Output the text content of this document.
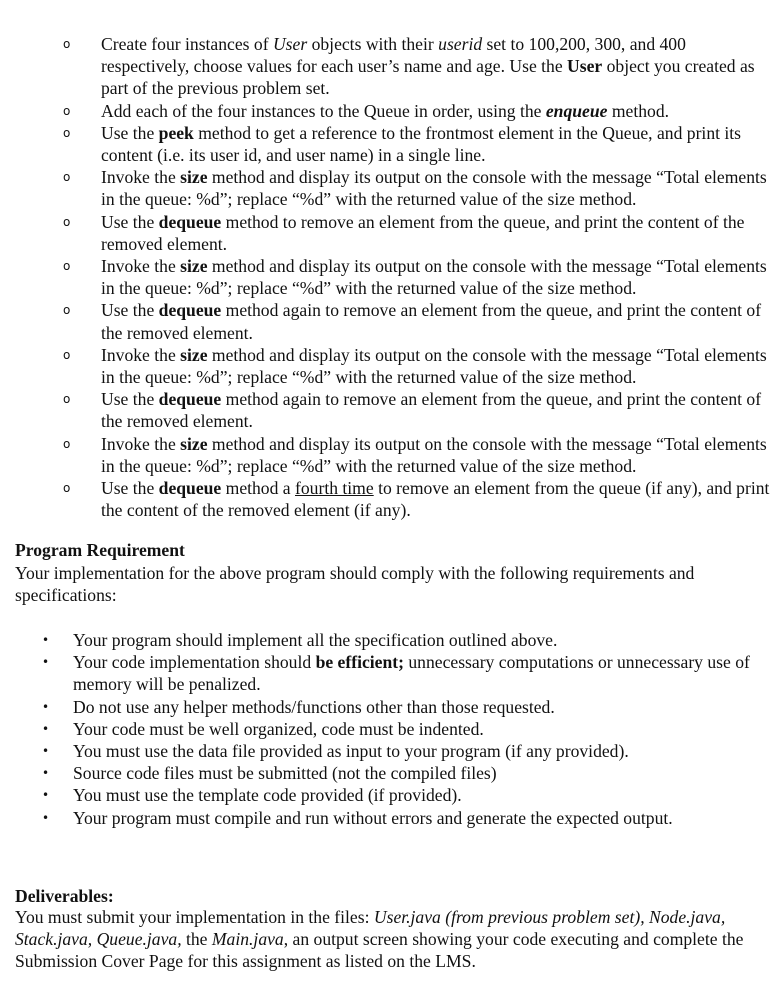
o Create four instances of User objects with their userid set to 100,200, 300, and 400 respectively, choose values for each user’s name and age. Use the User object you created as part of the previous problem set.
o Add each of the four instances to the Queue in order, using the enqueue method.
o Use the peek method to get a reference to the frontmost element in the Queue, and print its content (i.e. its user id, and user name) in a single line.
o Invoke the size method and display its output on the console with the message “Total elements in the queue: %d”; replace “%d” with the returned value of the size method.
o Use the dequeue method to remove an element from the queue, and print the content of the removed element.
o Invoke the size method and display its output on the console with the message “Total elements in the queue: %d”; replace “%d” with the returned value of the size method.
o Use the dequeue method again to remove an element from the queue, and print the content of the removed element.
o Invoke the size method and display its output on the console with the message “Total elements in the queue: %d”; replace “%d” with the returned value of the size method.
o Use the dequeue method again to remove an element from the queue, and print the content of the removed element.
o Invoke the size method and display its output on the console with the message “Total elements in the queue: %d”; replace “%d” with the returned value of the size method.
o Use the dequeue method a fourth time to remove an element from the queue (if any), and print the content of the removed element (if any).
Program Requirement
Your implementation for the above program should comply with the following requirements and specifications:
• Your program should implement all the specification outlined above.
• Your code implementation should be efficient; unnecessary computations or unnecessary use of memory will be penalized.
• Do not use any helper methods/functions other than those requested.
• Your code must be well organized, code must be indented.
• You must use the data file provided as input to your program (if any provided).
• Source code files must be submitted (not the compiled files)
• You must use the template code provided (if provided).
• Your program must compile and run without errors and generate the expected output.
Deliverables:
You must submit your implementation in the files: User.java (from previous problem set), Node.java, Stack.java, Queue.java, the Main.java, an output screen showing your code executing and complete the Submission Cover Page for this assignment as listed on the LMS.
